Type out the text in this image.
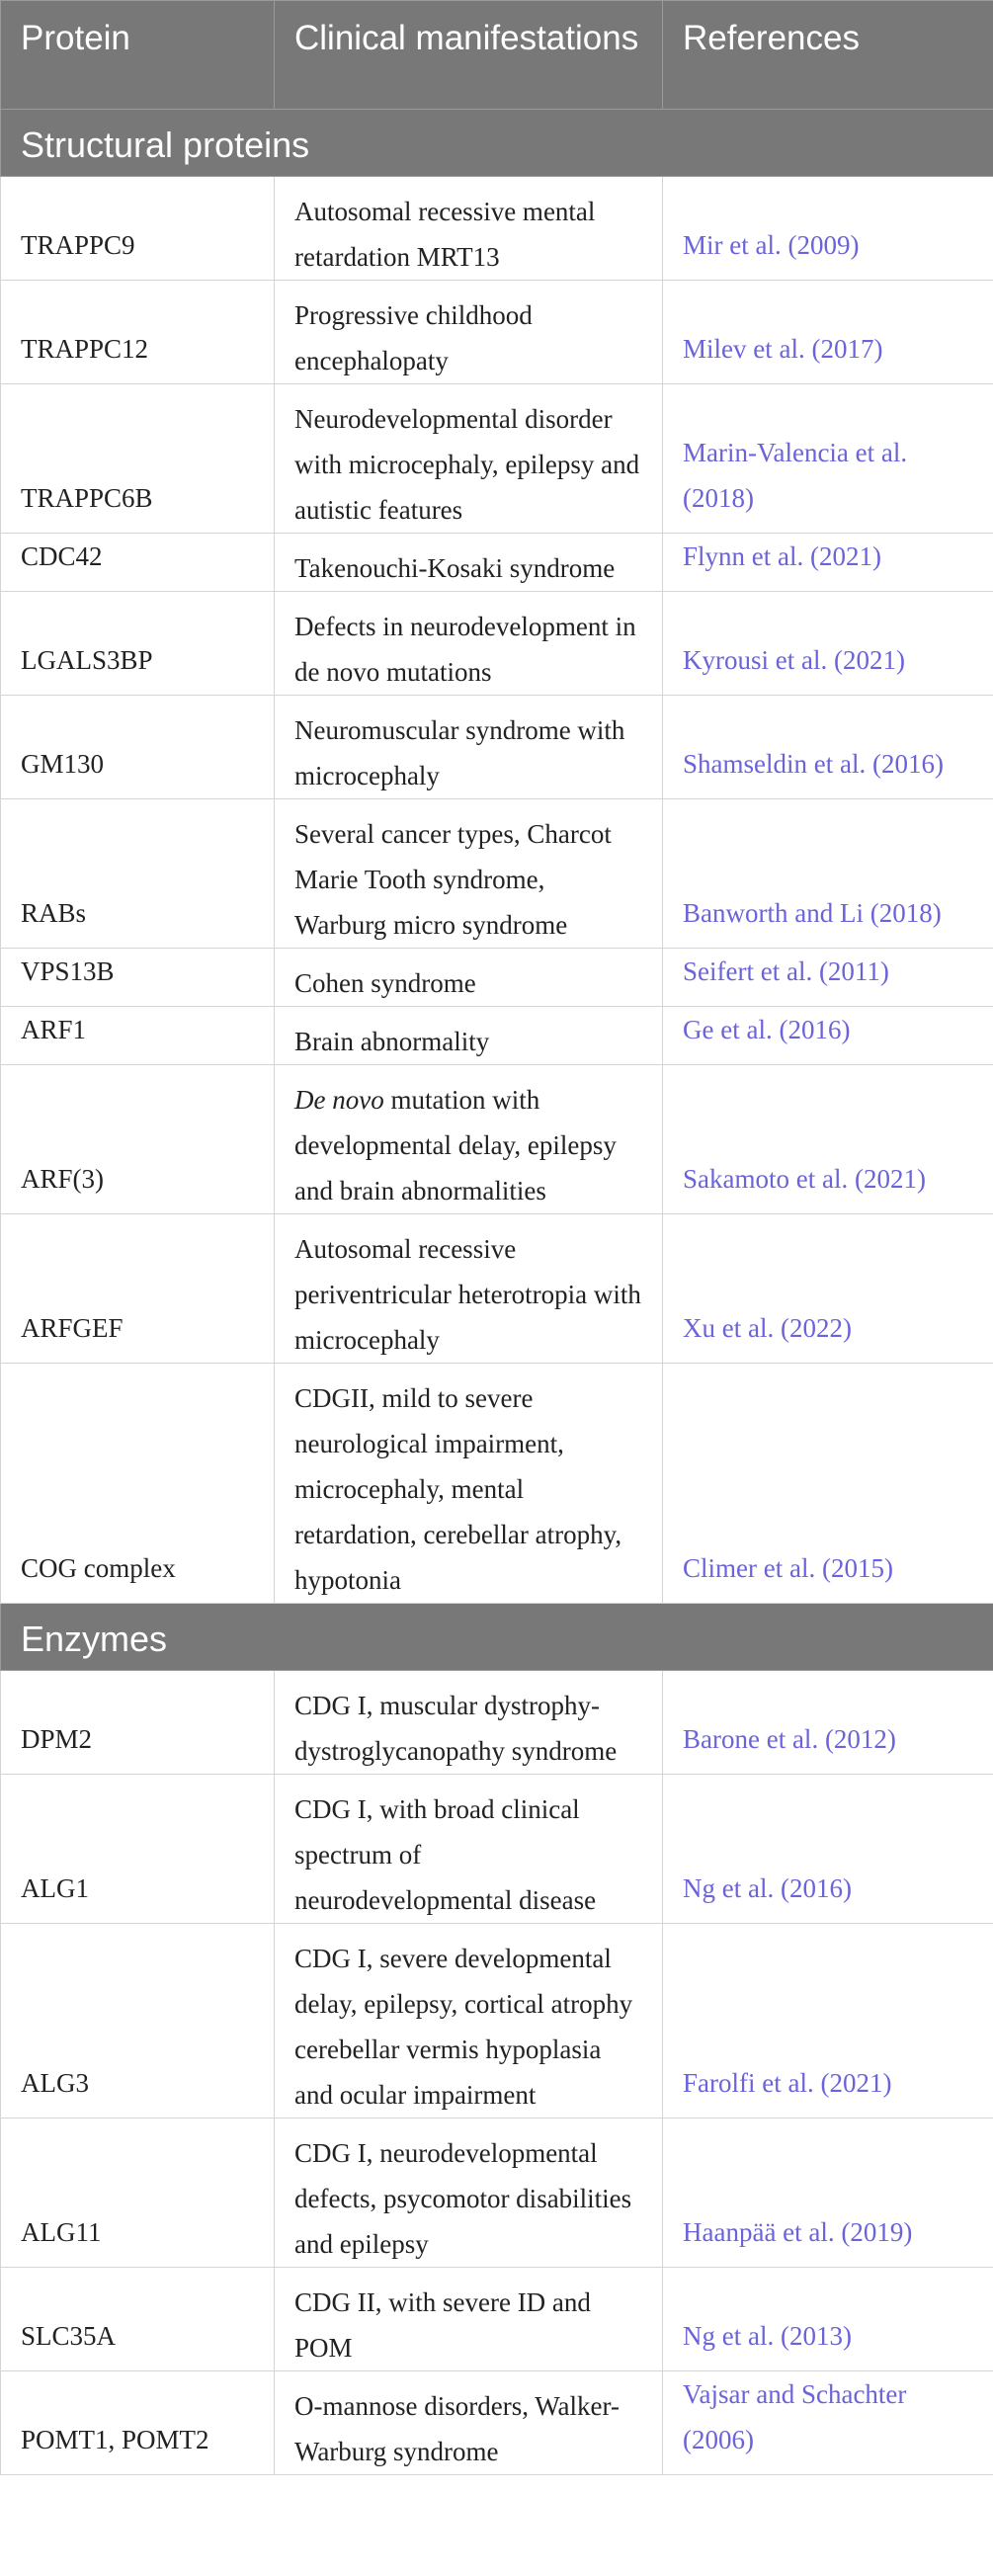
Protein	Clinical manifestations	References
Structural proteins		
TRAPPC9	Autosomal recessive mental retardation MRT13	Mir et al. (2009)
TRAPPC12	Progressive childhood encephalopaty	Milev et al. (2017)
TRAPPC6B	Neurodevelopmental disorder with microcephaly, epilepsy and autistic features	Marin-Valencia et al. (2018)
CDC42	Takenouchi-Kosaki syndrome	Flynn et al. (2021)
LGALS3BP	Defects in neurodevelopment in de novo mutations	Kyrousi et al. (2021)
GM130	Neuromuscular syndrome with microcephaly	Shamseldin et al. (2016)
RABs	Several cancer types, Charcot Marie Tooth syndrome, Warburg micro syndrome	Banworth and Li (2018)
VPS13B	Cohen syndrome	Seifert et al. (2011)
ARF1	Brain abnormality	Ge et al. (2016)
ARF(3)	De novo mutation with developmental delay, epilepsy and brain abnormalities	Sakamoto et al. (2021)
ARFGEF	Autosomal recessive periventricular heterotropia with microcephaly	Xu et al. (2022)
COG complex	CDGII, mild to severe neurological impairment, microcephaly, mental retardation, cerebellar atrophy, hypotonia	Climer et al. (2015)
Enzymes		
DPM2	CDG I, muscular dystrophy-dystroglycanopathy syndrome	Barone et al. (2012)
ALG1	CDG I, with broad clinical spectrum of neurodevelopmental disease	Ng et al. (2016)
ALG3	CDG I, severe developmental delay, epilepsy, cortical atrophy cerebellar vermis hypoplasia and ocular impairment	Farolfi et al. (2021)
ALG11	CDG I, neurodevelopmental defects, psycomotor disabilities and epilepsy	Haanpää et al. (2019)
SLC35A	CDG II, with severe ID and POM	Ng et al. (2013)
POMT1, POMT2	O-mannose disorders, Walker-Warburg syndrome	Vajsar and Schachter (2006)
